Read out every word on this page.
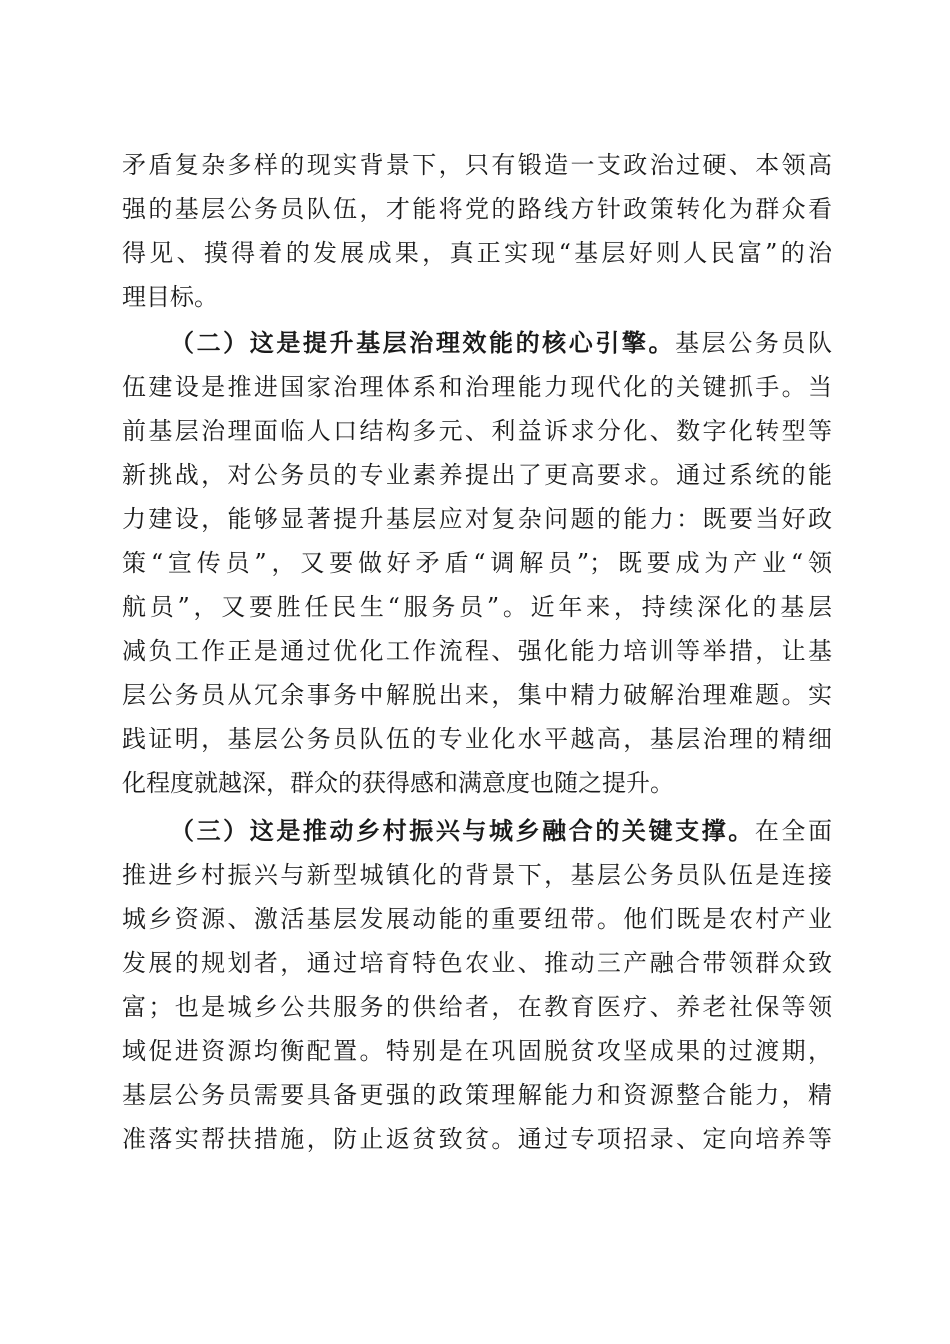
矛盾复杂多样的现实背景下，只有锻造一支政治过硬、本领高

强的基层公务员队伍，才能将党的路线方针政策转化为群众看

得见、摸得着的发展成果，真正实现“基层好则人民富”的治

理目标。

（二）这是提升基层治理效能的核心引擎。基层公务员队

伍建设是推进国家治理体系和治理能力现代化的关键抓手。当

前基层治理面临人口结构多元、利益诉求分化、数字化转型等

新挑战，对公务员的专业素养提出了更高要求。通过系统的能

力建设，能够显著提升基层应对复杂问题的能力：既要当好政

策“宣传员”，又要做好矛盾“调解员”；既要成为产业“领

航员”，又要胜任民生“服务员”。近年来，持续深化的基层

减负工作正是通过优化工作流程、强化能力培训等举措，让基

层公务员从冗余事务中解脱出来，集中精力破解治理难题。实

践证明，基层公务员队伍的专业化水平越高，基层治理的精细

化程度就越深，群众的获得感和满意度也随之提升。

（三）这是推动乡村振兴与城乡融合的关键支撑。在全面

推进乡村振兴与新型城镇化的背景下，基层公务员队伍是连接

城乡资源、激活基层发展动能的重要纽带。他们既是农村产业

发展的规划者，通过培育特色农业、推动三产融合带领群众致

富；也是城乡公共服务的供给者，在教育医疗、养老社保等领

域促进资源均衡配置。特别是在巩固脱贫攻坚成果的过渡期，

基层公务员需要具备更强的政策理解能力和资源整合能力，精

准落实帮扶措施，防止返贫致贫。通过专项招录、定向培养等
